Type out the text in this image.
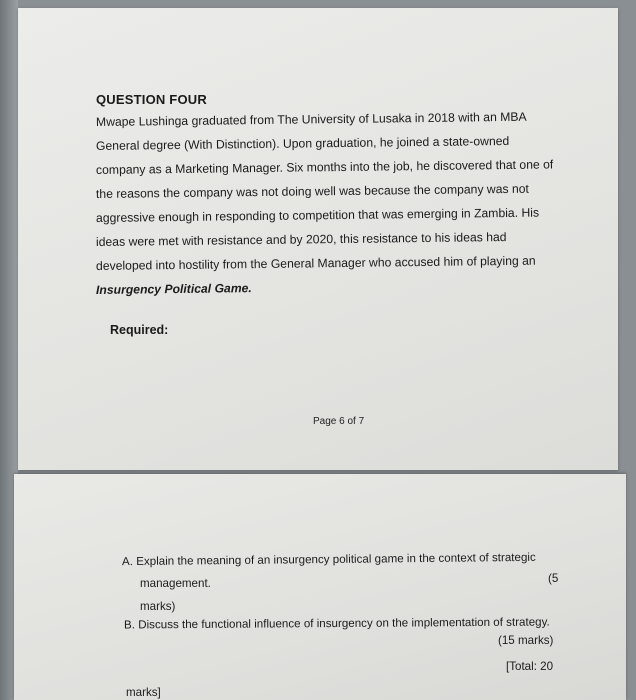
QUESTION FOUR
Mwape Lushinga graduated from The University of Lusaka in 2018 with an MBA
General degree (With Distinction). Upon graduation, he joined a state-owned
company as a Marketing Manager. Six months into the job, he discovered that one of
the reasons the company was not doing well was because the company was not
aggressive enough in responding to competition that was emerging in Zambia. His
ideas were met with resistance and by 2020, this resistance to his ideas had
developed into hostility from the General Manager who accused him of playing an
Insurgency Political Game.
Required:
Page 6 of 7
A. Explain the meaning of an insurgency political game in the context of strategic
management.	(5
marks)
B. Discuss the functional influence of insurgency on the implementation of strategy.
(15 marks)
[Total: 20
marks]
